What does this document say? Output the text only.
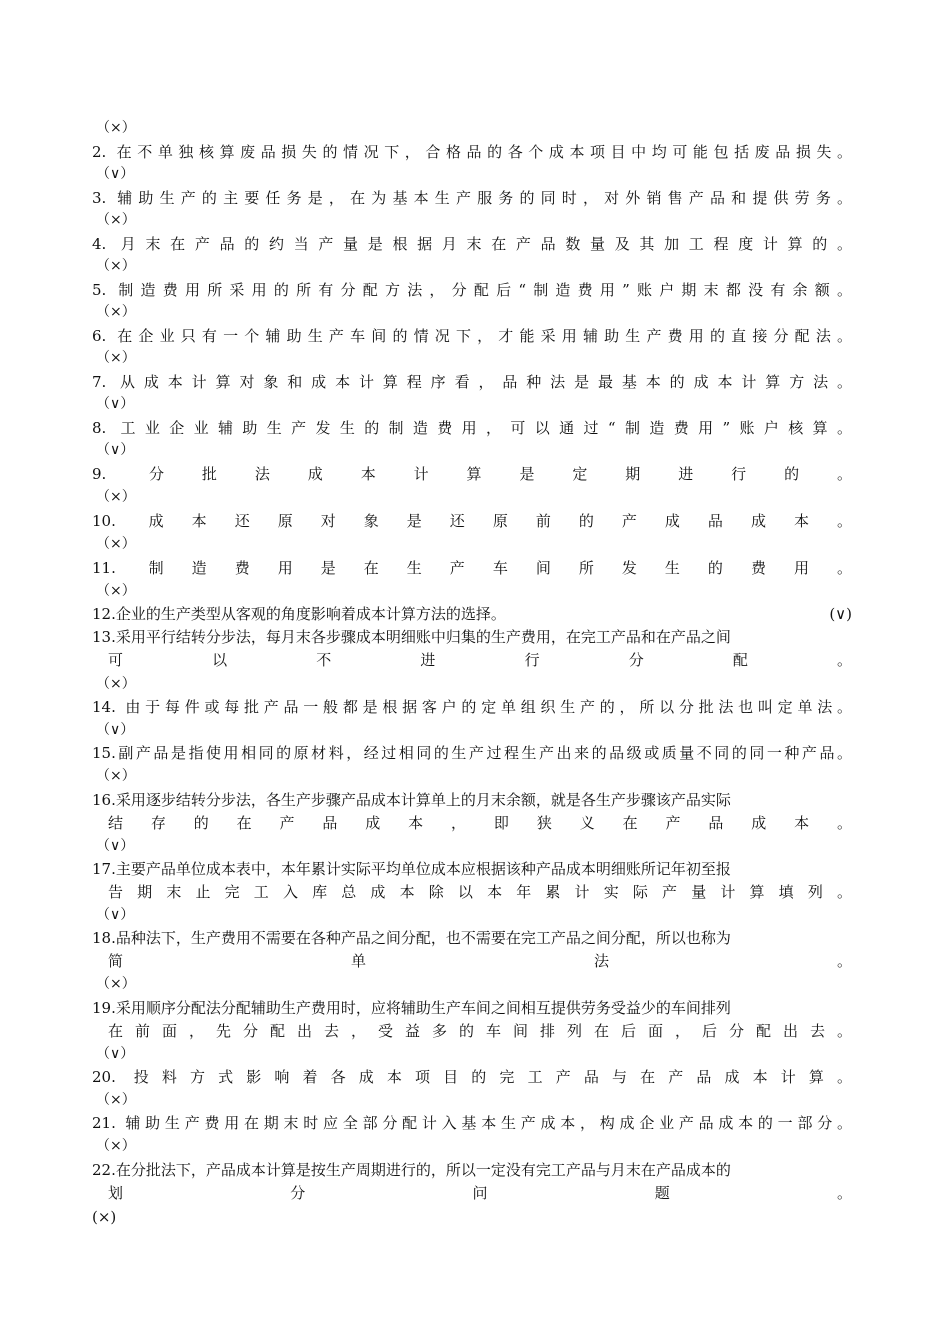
（×）
2. 在不单独核算废品损失的情况下，合格品的各个成本项目中均可能包括废品损失。
（∨）
3. 辅助生产的主要任务是，在为基本生产服务的同时，对外销售产品和提供劳务。
（×）
4. 月末在产品的约当产量是根据月末在产品数量及其加工程度计算的。
（×）
5. 制造费用所采用的所有分配方法，分配后“制造费用”账户期末都没有余额。
（×）
6. 在企业只有一个辅助生产车间的情况下，才能采用辅助生产费用的直接分配法。
（×）
7. 从成本计算对象和成本计算程序看，品种法是最基本的成本计算方法。
（∨）
8. 工业企业辅助生产发生的制造费用，可以通过“制造费用”账户核算。
（∨）
9. 分批法成本计算是定期进行的。
（×）
10. 成本还原对象是还原前的产成品成本。
（×）
11. 制造费用是在生产车间所发生的费用。
（×）
12.企业的生产类型从客观的角度影响着成本计算方法的选择。	(∨)
13.采用平行结转分步法，每月末各步骤成本明细账中归集的生产费用，在完工产品和在产品之间
可以不进行分配。
（×）
14. 由于每件或每批产品一般都是根据客户的定单组织生产的，所以分批法也叫定单法。
（∨）
15.副产品是指使用相同的原材料，经过相同的生产过程生产出来的品级或质量不同的同一种产品。
（×）
16.采用逐步结转分步法，各生产步骤产品成本计算单上的月末余额，就是各生产步骤该产品实际
结存的在产品成本，即狭义在产品成本。
（∨）
17.主要产品单位成本表中，本年累计实际平均单位成本应根据该种产品成本明细账所记年初至报
告期末止完工入库总成本除以本年累计实际产量计算填列。
（∨）
18.品种法下，生产费用不需要在各种产品之间分配，也不需要在完工产品之间分配，所以也称为
简单法。
（×）
19.采用顺序分配法分配辅助生产费用时，应将辅助生产车间之间相互提供劳务受益少的车间排列
在前面，先分配出去，受益多的车间排列在后面，后分配出去。
（∨）
20. 投料方式影响着各成本项目的完工产品与在产品成本计算。
（×）
21. 辅助生产费用在期末时应全部分配计入基本生产成本，构成企业产品成本的一部分。
（×）
22.在分批法下，产品成本计算是按生产周期进行的，所以一定没有完工产品与月末在产品成本的
划分问题。
(×)
